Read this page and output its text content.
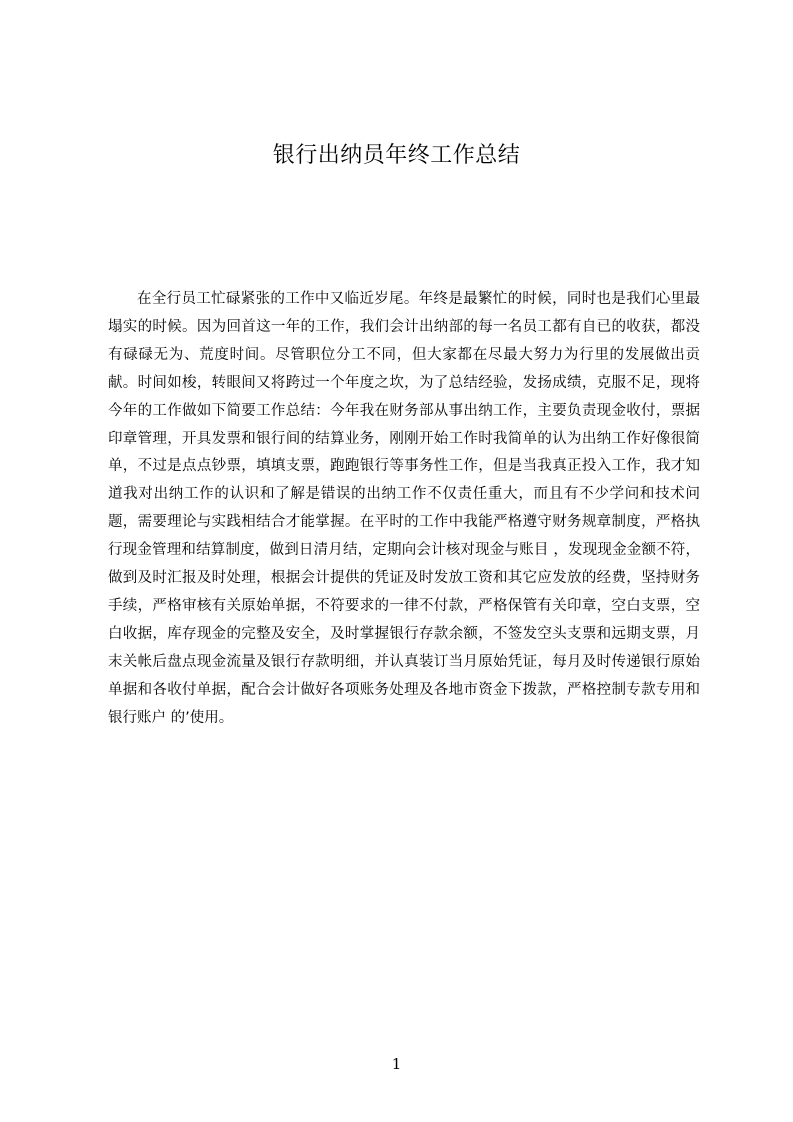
银行出纳员年终工作总结

在全行员工忙碌紧张的工作中又临近岁尾。年终是最繁忙的时候，同时也是我们心里最塌实的时候。因为回首这一年的工作，我们会计出纳部的每一名员工都有自已的收获，都没有碌碌无为、荒度时间。尽管职位分工不同，但大家都在尽最大努力为行里的发展做出贡献。时间如梭，转眼间又将跨过一个年度之坎，为了总结经验，发扬成绩，克服不足，现将今年的工作做如下简要工作总结：今年我在财务部从事出纳工作，主要负责现金收付，票据印章管理，开具发票和银行间的结算业务，刚刚开始工作时我简单的认为出纳工作好像很简单，不过是点点钞票，填填支票，跑跑银行等事务性工作，但是当我真正投入工作，我才知道我对出纳工作的认识和了解是错误的出纳工作不仅责任重大，而且有不少学问和技术问题，需要理论与实践相结合才能掌握。在平时的工作中我能严格遵守财务规章制度，严格执行现金管理和结算制度，做到日清月结，定期向会计核对现金与账目 ，发现现金金额不符，做到及时汇报及时处理，根据会计提供的凭证及时发放工资和其它应发放的经费，坚持财务手续，严格审核有关原始单据，不符要求的一律不付款，严格保管有关印章，空白支票，空白收据，库存现金的完整及安全，及时掌握银行存款余额，不签发空头支票和远期支票，月末关帐后盘点现金流量及银行存款明细，并认真装订当月原始凭证，每月及时传递银行原始单据和各收付单据，配合会计做好各项账务处理及各地市资金下拨款，严格控制专款专用和银行账户 的’使用。

1
